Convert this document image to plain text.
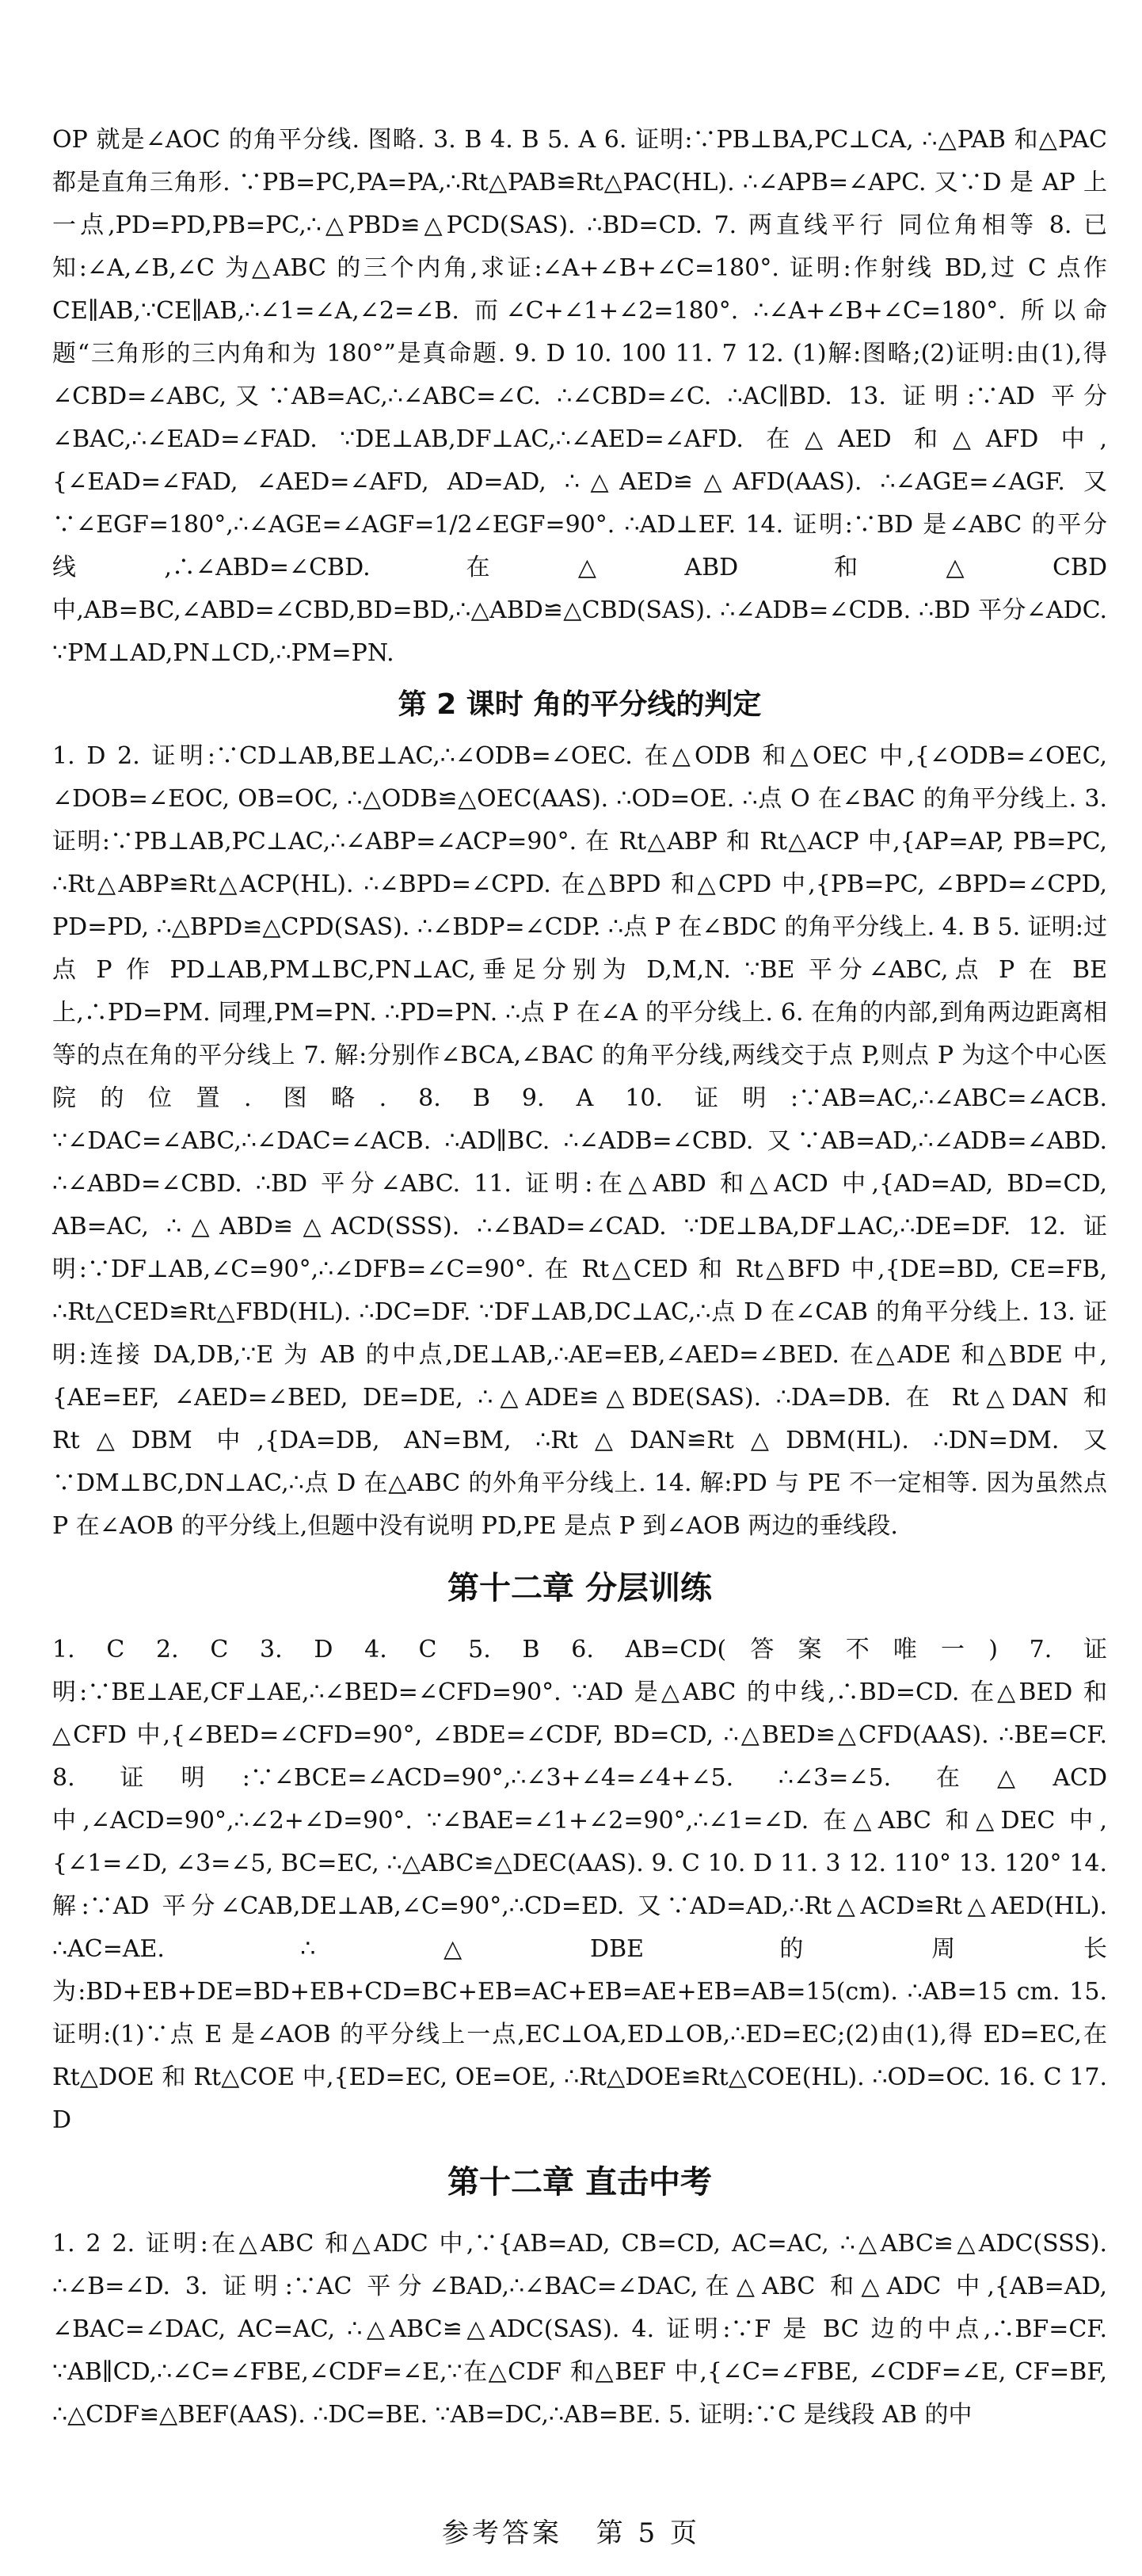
OP 就是∠AOC 的角平分线. 图略. 3. B 4. B 5. A 6. 证明:∵PB⊥BA,PC⊥CA, ∴△PAB 和△PAC 都是直角三角形. ∵PB=PC,PA=PA,∴Rt△PAB≌Rt△PAC(HL). ∴∠APB=∠APC. 又∵D 是 AP 上一点,PD=PD,PB=PC,∴△PBD≌△PCD(SAS). ∴BD=CD. 7. 两直线平行 同位角相等 8. 已知:∠A,∠B,∠C 为△ABC 的三个内角,求证:∠A+∠B+∠C=180°. 证明:作射线 BD,过 C 点作 CE∥AB,∵CE∥AB,∴∠1=∠A,∠2=∠B. 而∠C+∠1+∠2=180°. ∴∠A+∠B+∠C=180°. 所以命题“三角形的三内角和为 180°”是真命题. 9. D 10. 100 11. 7 12. (1)解:图略;(2)证明:由(1),得∠CBD=∠ABC,又∵AB=AC,∴∠ABC=∠C. ∴∠CBD=∠C. ∴AC∥BD. 13. 证明:∵AD 平分∠BAC,∴∠EAD=∠FAD. ∵DE⊥AB,DF⊥AC,∴∠AED=∠AFD. 在△AED 和△AFD 中,{∠EAD=∠FAD, ∠AED=∠AFD, AD=AD, ∴△AED≌△AFD(AAS). ∴∠AGE=∠AGF. 又∵∠EGF=180°,∴∠AGE=∠AGF=1/2∠EGF=90°. ∴AD⊥EF. 14. 证明:∵BD 是∠ABC 的平分线,∴∠ABD=∠CBD. 在△ABD 和△CBD 中,AB=BC,∠ABD=∠CBD,BD=BD,∴△ABD≌△CBD(SAS). ∴∠ADB=∠CDB. ∴BD 平分∠ADC. ∵PM⊥AD,PN⊥CD,∴PM=PN.

第 2 课时 角的平分线的判定

1. D 2. 证明:∵CD⊥AB,BE⊥AC,∴∠ODB=∠OEC. 在△ODB 和△OEC 中,{∠ODB=∠OEC, ∠DOB=∠EOC, OB=OC, ∴△ODB≌△OEC(AAS). ∴OD=OE. ∴点 O 在∠BAC 的角平分线上. 3. 证明:∵PB⊥AB,PC⊥AC,∴∠ABP=∠ACP=90°. 在 Rt△ABP 和 Rt△ACP 中,{AP=AP, PB=PC, ∴Rt△ABP≌Rt△ACP(HL). ∴∠BPD=∠CPD. 在△BPD 和△CPD 中,{PB=PC, ∠BPD=∠CPD, PD=PD, ∴△BPD≌△CPD(SAS). ∴∠BDP=∠CDP. ∴点 P 在∠BDC 的角平分线上. 4. B 5. 证明:过点 P 作 PD⊥AB,PM⊥BC,PN⊥AC,垂足分别为 D,M,N. ∵BE 平分∠ABC,点 P 在 BE 上,∴PD=PM. 同理,PM=PN. ∴PD=PN. ∴点 P 在∠A 的平分线上. 6. 在角的内部,到角两边距离相等的点在角的平分线上 7. 解:分别作∠BCA,∠BAC 的角平分线,两线交于点 P,则点 P 为这个中心医院的位置. 图略. 8. B 9. A 10. 证明:∵AB=AC,∴∠ABC=∠ACB. ∵∠DAC=∠ABC,∴∠DAC=∠ACB. ∴AD∥BC. ∴∠ADB=∠CBD. 又∵AB=AD,∴∠ADB=∠ABD. ∴∠ABD=∠CBD. ∴BD 平分∠ABC. 11. 证明:在△ABD 和△ACD 中,{AD=AD, BD=CD, AB=AC, ∴△ABD≌△ACD(SSS). ∴∠BAD=∠CAD. ∵DE⊥BA,DF⊥AC,∴DE=DF. 12. 证明:∵DF⊥AB,∠C=90°,∴∠DFB=∠C=90°. 在 Rt△CED 和 Rt△BFD 中,{DE=BD, CE=FB, ∴Rt△CED≌Rt△FBD(HL). ∴DC=DF. ∵DF⊥AB,DC⊥AC,∴点 D 在∠CAB 的角平分线上. 13. 证明:连接 DA,DB,∵E 为 AB 的中点,DE⊥AB,∴AE=EB,∠AED=∠BED. 在△ADE 和△BDE 中,{AE=EF, ∠AED=∠BED, DE=DE, ∴△ADE≌△BDE(SAS). ∴DA=DB. 在 Rt△DAN 和 Rt△DBM 中,{DA=DB, AN=BM, ∴Rt△DAN≌Rt△DBM(HL). ∴DN=DM. 又∵DM⊥BC,DN⊥AC,∴点 D 在△ABC 的外角平分线上. 14. 解:PD 与 PE 不一定相等. 因为虽然点 P 在∠AOB 的平分线上,但题中没有说明 PD,PE 是点 P 到∠AOB 两边的垂线段.

第十二章 分层训练

1. C 2. C 3. D 4. C 5. B 6. AB=CD(答案不唯一) 7. 证明:∵BE⊥AE,CF⊥AE,∴∠BED=∠CFD=90°. ∵AD 是△ABC 的中线,∴BD=CD. 在△BED 和△CFD 中,{∠BED=∠CFD=90°, ∠BDE=∠CDF, BD=CD, ∴△BED≌△CFD(AAS). ∴BE=CF. 8. 证明:∵∠BCE=∠ACD=90°,∴∠3+∠4=∠4+∠5. ∴∠3=∠5. 在△ACD 中,∠ACD=90°,∴∠2+∠D=90°. ∵∠BAE=∠1+∠2=90°,∴∠1=∠D. 在△ABC 和△DEC 中,{∠1=∠D, ∠3=∠5, BC=EC, ∴△ABC≌△DEC(AAS). 9. C 10. D 11. 3 12. 110° 13. 120° 14. 解:∵AD 平分∠CAB,DE⊥AB,∠C=90°,∴CD=ED. 又∵AD=AD,∴Rt△ACD≌Rt△AED(HL). ∴AC=AE. ∴△DBE 的周长为:BD+EB+DE=BD+EB+CD=BC+EB=AC+EB=AE+EB=AB=15(cm). ∴AB=15 cm. 15. 证明:(1)∵点 E 是∠AOB 的平分线上一点,EC⊥OA,ED⊥OB,∴ED=EC;(2)由(1),得 ED=EC,在 Rt△DOE 和 Rt△COE 中,{ED=EC, OE=OE, ∴Rt△DOE≌Rt△COE(HL). ∴OD=OC. 16. C 17. D

第十二章 直击中考

1. 2 2. 证明:在△ABC 和△ADC 中,∵{AB=AD, CB=CD, AC=AC, ∴△ABC≌△ADC(SSS). ∴∠B=∠D. 3. 证明:∵AC 平分∠BAD,∴∠BAC=∠DAC,在△ABC 和△ADC 中,{AB=AD, ∠BAC=∠DAC, AC=AC, ∴△ABC≌△ADC(SAS). 4. 证明:∵F 是 BC 边的中点,∴BF=CF. ∵AB∥CD,∴∠C=∠FBE,∠CDF=∠E,∵在△CDF 和△BEF 中,{∠C=∠FBE, ∠CDF=∠E, CF=BF, ∴△CDF≌△BEF(AAS). ∴DC=BE. ∵AB=DC,∴AB=BE. 5. 证明:∵C 是线段 AB 的中

参考答案 第 5 页
